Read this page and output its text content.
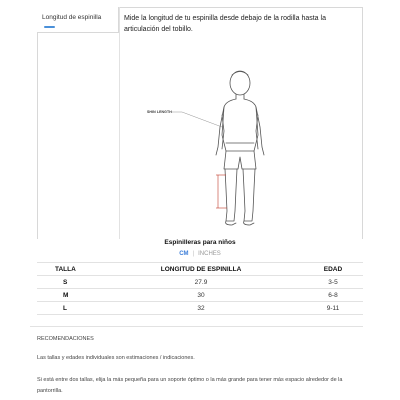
Longitud de espinilla	Mide la longitud de tu espinilla desde debajo de la rodilla hasta la articulación del tobillo.
SHIN LENGTH
Espinilleras para niños
CM | INCHES
TALLA	LONGITUD DE ESPINILLA	EDAD
S	27.9	3-5
M	30	6-8
L	32	9-11
RECOMENDACIONES
Las tallas y edades individuales son estimaciones / indicaciones.
Si está entre dos tallas, elija la más pequeña para un soporte óptimo o la más grande para tener más espacio alrededor de la pantorrilla.
